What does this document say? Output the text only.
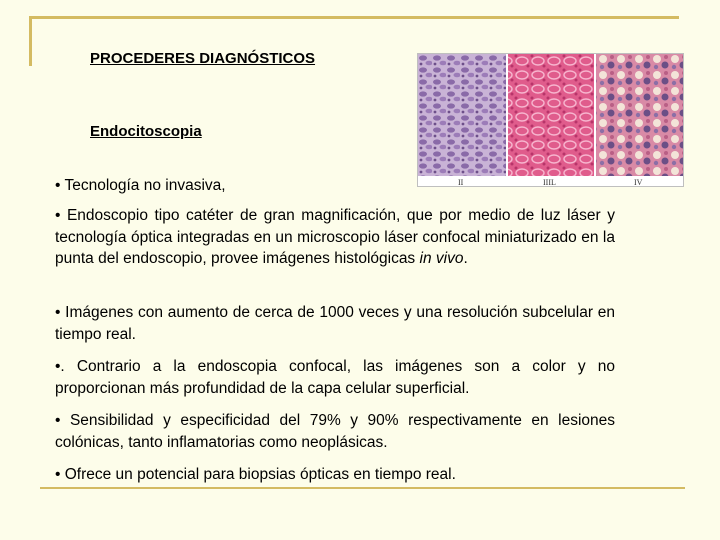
PROCEDERES DIAGNÓSTICOS
Endocitoscopia
II	IIIL	IV

• Tecnología no invasiva,

• Endoscopio tipo catéter de gran magnificación, que por medio de luz láser y tecnología óptica integradas en un microscopio láser confocal miniaturizado en la punta del endoscopio, provee imágenes histológicas in vivo.

• Imágenes con aumento de cerca de 1000 veces y una resolución subcelular en tiempo real.

•. Contrario a la endoscopia confocal, las imágenes son a color y no proporcionan más profundidad de la capa celular superficial.

• Sensibilidad y especificidad del 79% y 90% respectivamente en lesiones colónicas, tanto inflamatorias como neoplásicas.

• Ofrece un potencial para biopsias ópticas en tiempo real.
